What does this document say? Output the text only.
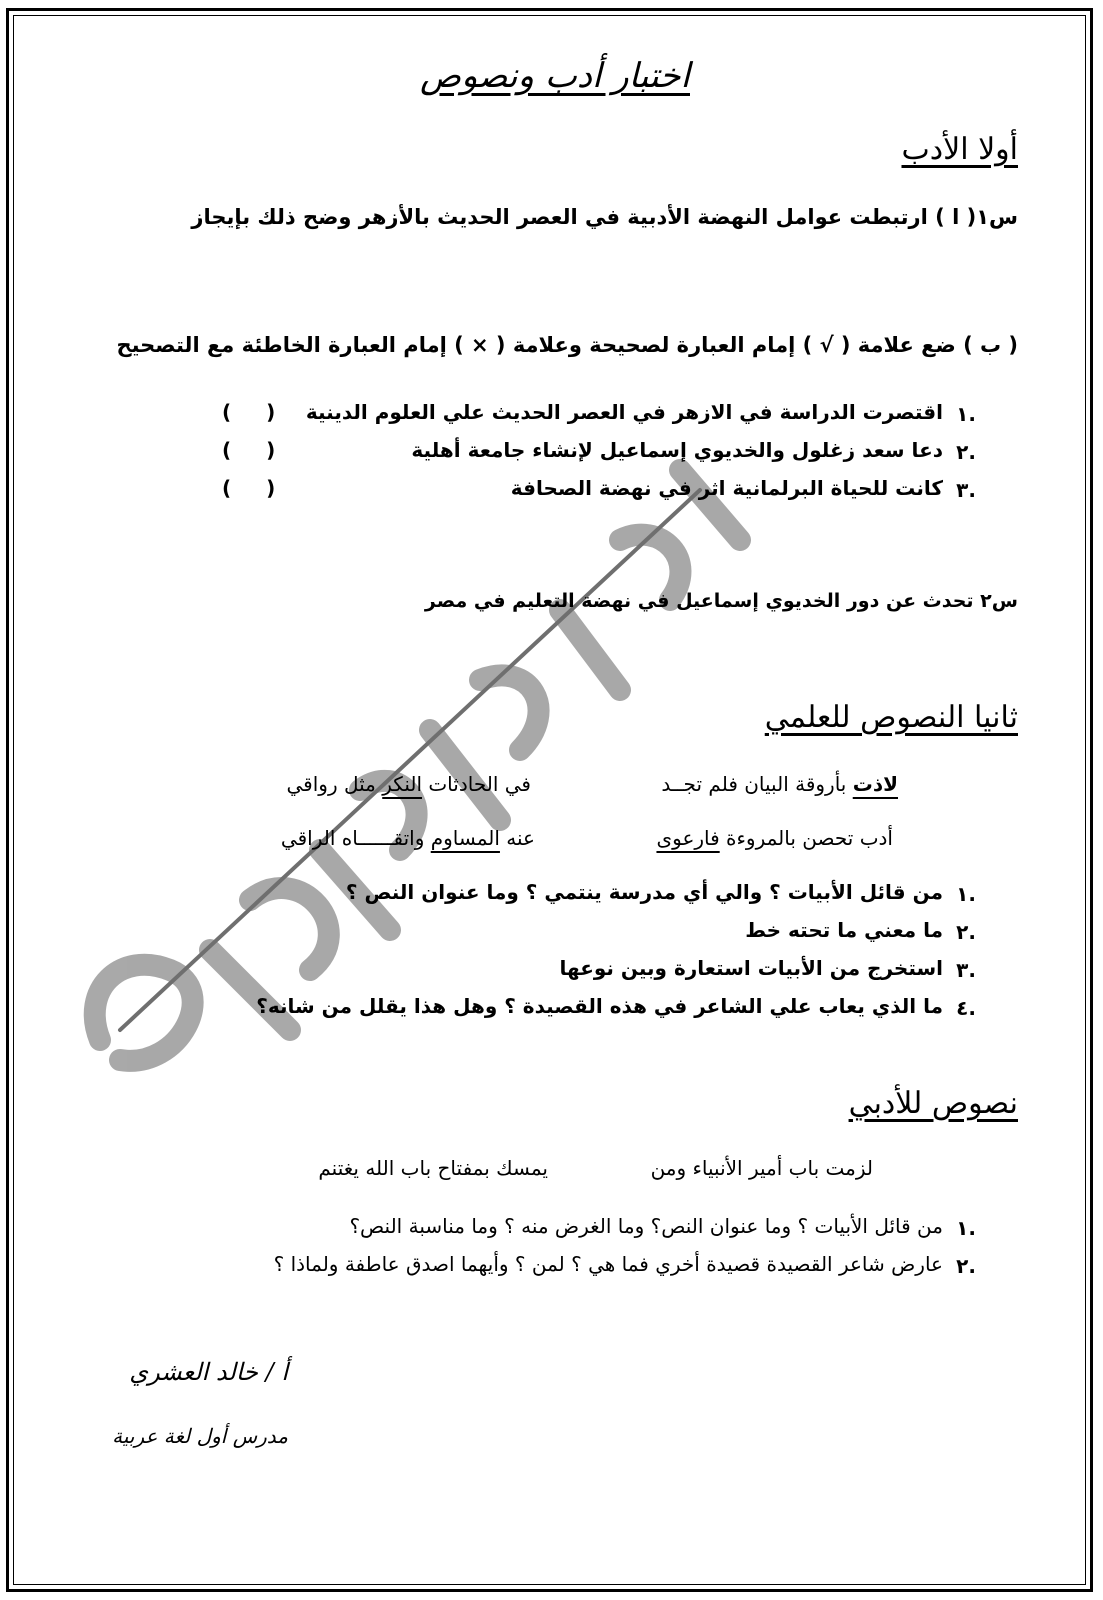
اختبار أدب ونصوص
أولا الأدب
س١( ا ) ارتبطت عوامل النهضة الأدبية في العصر الحديث بالأزهر وضح ذلك بإيجاز
( ب ) ضع علامة ( √ ) إمام العبارة لصحيحة وعلامة ( × ) إمام العبارة الخاطئة مع التصحيح
١.
اقتصرت الدراسة في الازهر في العصر الحديث علي العلوم الدينية
( )
٢.
دعا سعد زغلول والخديوي إسماعيل لإنشاء جامعة أهلية
( )
٣.
كانت للحياة البرلمانية اثر في نهضة الصحافة
( )
س٢ تحدث عن دور الخديوي إسماعيل في نهضة التعليم في مصر
ثانيا النصوص للعلمي
لاذت بأروقة البيان فلم تجــد
في الحادثات النكر مثل رواقي
أدب تحصن بالمروءة فارعوى
عنه المساوم واتقــــــاه الراقي
١.
من قائل الأبيات ؟ والي أي مدرسة ينتمي ؟ وما عنوان النص ؟
٢.
ما معني ما تحته خط
٣.
استخرج من الأبيات استعارة وبين نوعها
٤.
ما الذي يعاب علي الشاعر في هذه القصيدة ؟ وهل هذا يقلل من شانه؟
نصوص للأدبي
لزمت باب أمير الأنبياء ومن
يمسك بمفتاح باب الله يغتنم
١.
من قائل الأبيات ؟ وما عنوان النص؟ وما الغرض منه ؟ وما مناسبة النص؟
٢.
عارض شاعر القصيدة قصيدة أخري فما هي ؟ لمن ؟ وأيهما اصدق عاطفة ولماذا ؟
أ / خالد العشري
مدرس أول لغة عربية
